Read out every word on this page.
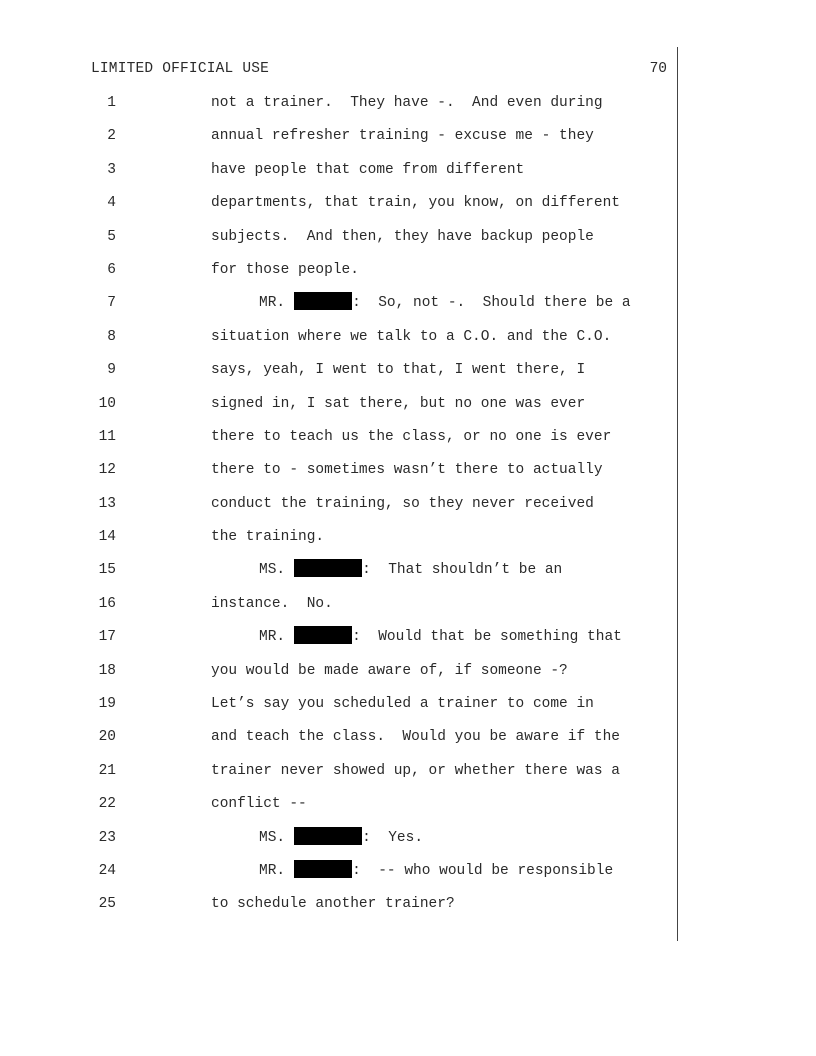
LIMITED OFFICIAL USE	70
1	not a trainer.  They have -.  And even during
2	annual refresher training - excuse me - they
3	have people that come from different
4	departments, that train, you know, on different
5	subjects.  And then, they have backup people
6	for those people.
7	MR.	:  So, not -.  Should there be a
8	situation where we talk to a C.O. and the C.O.
9	says, yeah, I went to that, I went there, I
10	signed in, I sat there, but no one was ever
11	there to teach us the class, or no one is ever
12	there to - sometimes wasn’t there to actually
13	conduct the training, so they never received
14	the training.
15	MS.	:  That shouldn’t be an
16	instance.  No.
17	MR.	:  Would that be something that
18	you would be made aware of, if someone -?
19	Let’s say you scheduled a trainer to come in
20	and teach the class.  Would you be aware if the
21	trainer never showed up, or whether there was a
22	conflict --
23	MS.	:  Yes.
24	MR.	:  -- who would be responsible
25	to schedule another trainer?
